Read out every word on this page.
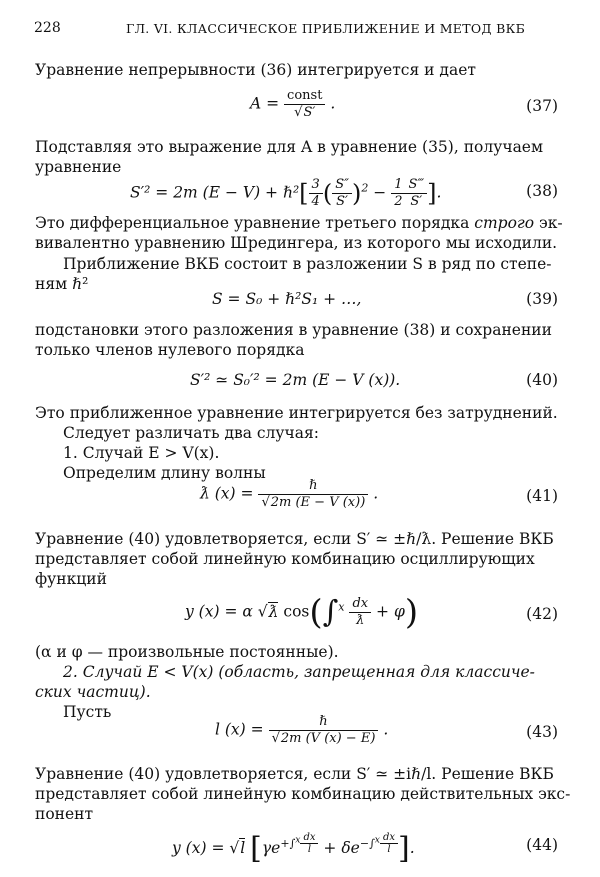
228	ГЛ. VI. КЛАССИЧЕСКОЕ ПРИБЛИЖЕНИЕ И МЕТОД ВКБ
Уравнение непрерывности (36) интегрируется и дает
$A = \frac{\text{const}}{√S'}$ .	(37)
Подставляя это выражение для A в уравнение (35), получаем
уравнение
S′² = 2m (E − V) + ℏ²[ $\frac{3}{4}$ ( $\frac{S''}{S'} )^2 - \frac{1}{2} \frac{S‴}{S'}$ ].	(38)
Это дифференциальное уравнение третьего порядка строго эк-
вивалентно уравнению Шредингера, из которого мы исходили.
Приближение ВКБ состоит в разложении S в ряд по степе-
ням ℏ²
S = S₀ + ℏ²S₁ + …,	(39)
подстановки этого разложения в уравнение (38) и сохранении
только членов нулевого порядка
S′² ≃ S₀′² = 2m (E − V (x)).	(40)
Это приближенное уравнение интегрируется без затруднений.
Следует различать два случая:
1. Случай E > V(x).
Определим длину волны
ƛ $(x) = \frac{\text{ℏ}}{√2m (E - V (x))}$ .	(41)
Уравнение (40) удовлетворяется, если S′ ≃ ±ℏ/ƛ. Решение ВКБ
представляет собой линейную комбинацию осциллирующих
функций
y (x) = α √ƛ $\cos(\int^x \frac{dx}{ƛ} + \varphi)$	(42)
(α и φ — произвольные постоянные).
2. Случай E < V(x) (область, запрещенная для классиче-
ских частиц).
Пусть
l $(x) = \frac{\text{ℏ}}{√2m (V (x) - E)}$ .	(43)
Уравнение (40) удовлетворяется, если S′ ≃ ±iℏ/l. Решение ВКБ
представляет собой линейную комбинацию действительных экс-
понент
y (x) = √l [$\gamma e^{+\int^x \frac{dx}{l}} + \delta e^{-\int^x \frac{dx}{l}}$ ].	(44)
